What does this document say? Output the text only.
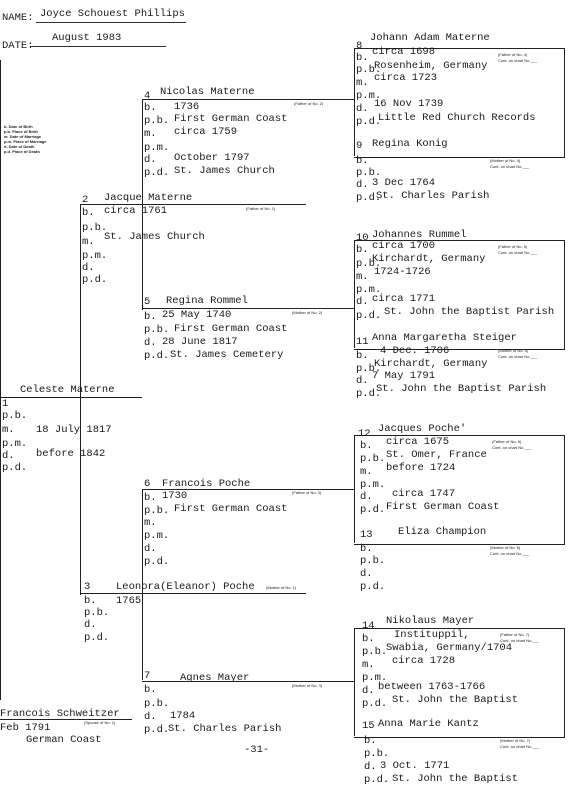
NAME: Joyce Schouest Phillips
DATE:
August 1983
b. Date of Birth
p.b. Place of Birth
m. Date of Marriage
p.m. Place of Marriage
d. Date of Death
p.d. Place of Death
Celeste Materne
1
p.b.
m. 18 July 1817
p.m.
d. before 1842
p.d.
Francois Schweitzer
(Spouse of No. 1)
Feb 1791
German Coast
2 Jacque Materne
(Father of No. 1)
b. circa 1761
p.b.
m. St. James Church
p.m.
d.
p.d.
3 Leonora(Eleanor) Poche	(Mother of No. 1)
b. 1765
p.b.
d.
p.d.
4 Nicolas Materne
(Father of No. 2)
b. 1736
p.b. First German Coast
m. circa 1759
p.m.
d. October 1797
p.d. St. James Church
5 Regina Rommel
(Mother of No. 2)
b. 25 May 1740
p.b. First German Coast
d. 28 June 1817
p.d. St. James Cemetery
6 Francois Poche
(Father of No. 3)
b. 1730
p.b. First German Coast
m.
p.m.
d.
p.d.
7	Agnes Mayer
(Mother of No. 3)
b.
p.b.
d. 1784
p.d.
St. Charles Parish
8
Johann Adam Materne
(Father of No. 4)
Cont. on chart No.___
b. circa 1698
p.b.
Rosenheim, Germany
m. circa 1723
p.m.
d. 16 Nov 1739
p.d.
Little Red Church Records
9 Regina Konig
(Mother of No. 4)
Cont. on chart No.___
b.
p.b.
d. 3 Dec 1764
p.d.
St. Charles Parish
10 Johannes Rummel
(Father of No. 5)
Cont. on chart No.___
b. circa 1700
p.b.
Kirchardt, Germany
m. 1724-1726
p.m.
d. circa 1771
p.d. St. John the Baptist Parish
11 Anna Margaretha Steiger
(Mother of No. 5)
Cont. on chart No.___
b. 4 Dec. 1706
p.b.
Kirchardt, Germany
d. 7 May 1791
p.d.
St. John the Baptist Parish
12 Jacques Poche'
(Father of No. 6)
Cont. on chart No.___
b. circa 1675
p.b. St. Omer, France
m. before 1724
p.m.
d. circa 1747
p.d. First German Coast
13 Eliza Champion
(Mother of No. 6)
Cont. on chart No.___
b.
p.b.
d.
p.d.
14 Nikolaus Mayer
(Father of No. 7)
Cont. on chart No.___
b. Instituppil,
p.b.
Swabia, Germany/1704
m. circa 1728
p.m.
d. between 1763-1766
p.d. St. John the Baptist
15 Anna Marie Kantz
(Mother of No. 7)
Cont. on chart No.___
b.
p.b.
d. 3 Oct. 1771
p.d. St. John the Baptist
-31-
